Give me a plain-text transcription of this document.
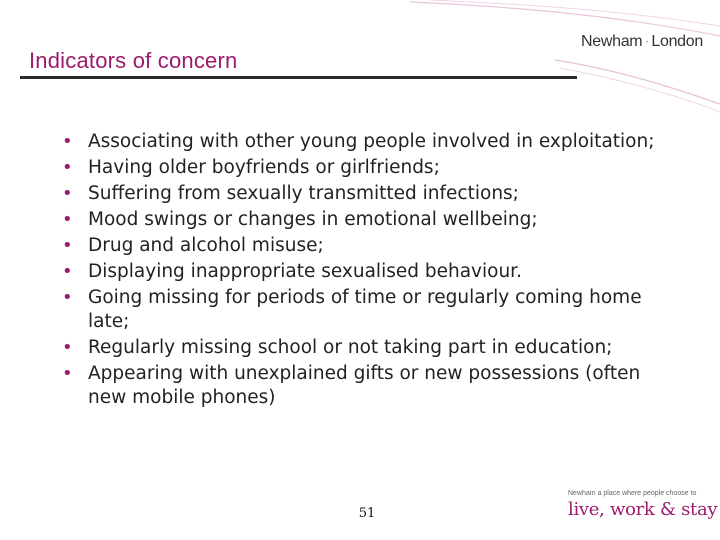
Indicators of concern
Newham · London
• Associating with other young people involved in exploitation;
• Having older boyfriends or girlfriends;
• Suffering from sexually transmitted infections;
• Mood swings or changes in emotional wellbeing;
• Drug and alcohol misuse;
• Displaying inappropriate sexualised behaviour.
• Going missing for periods of time or regularly coming home late;
• Regularly missing school or not taking part in education;
• Appearing with unexplained gifts or new possessions (often new mobile phones)
51
Newham a place where people choose to
live, work & stay
